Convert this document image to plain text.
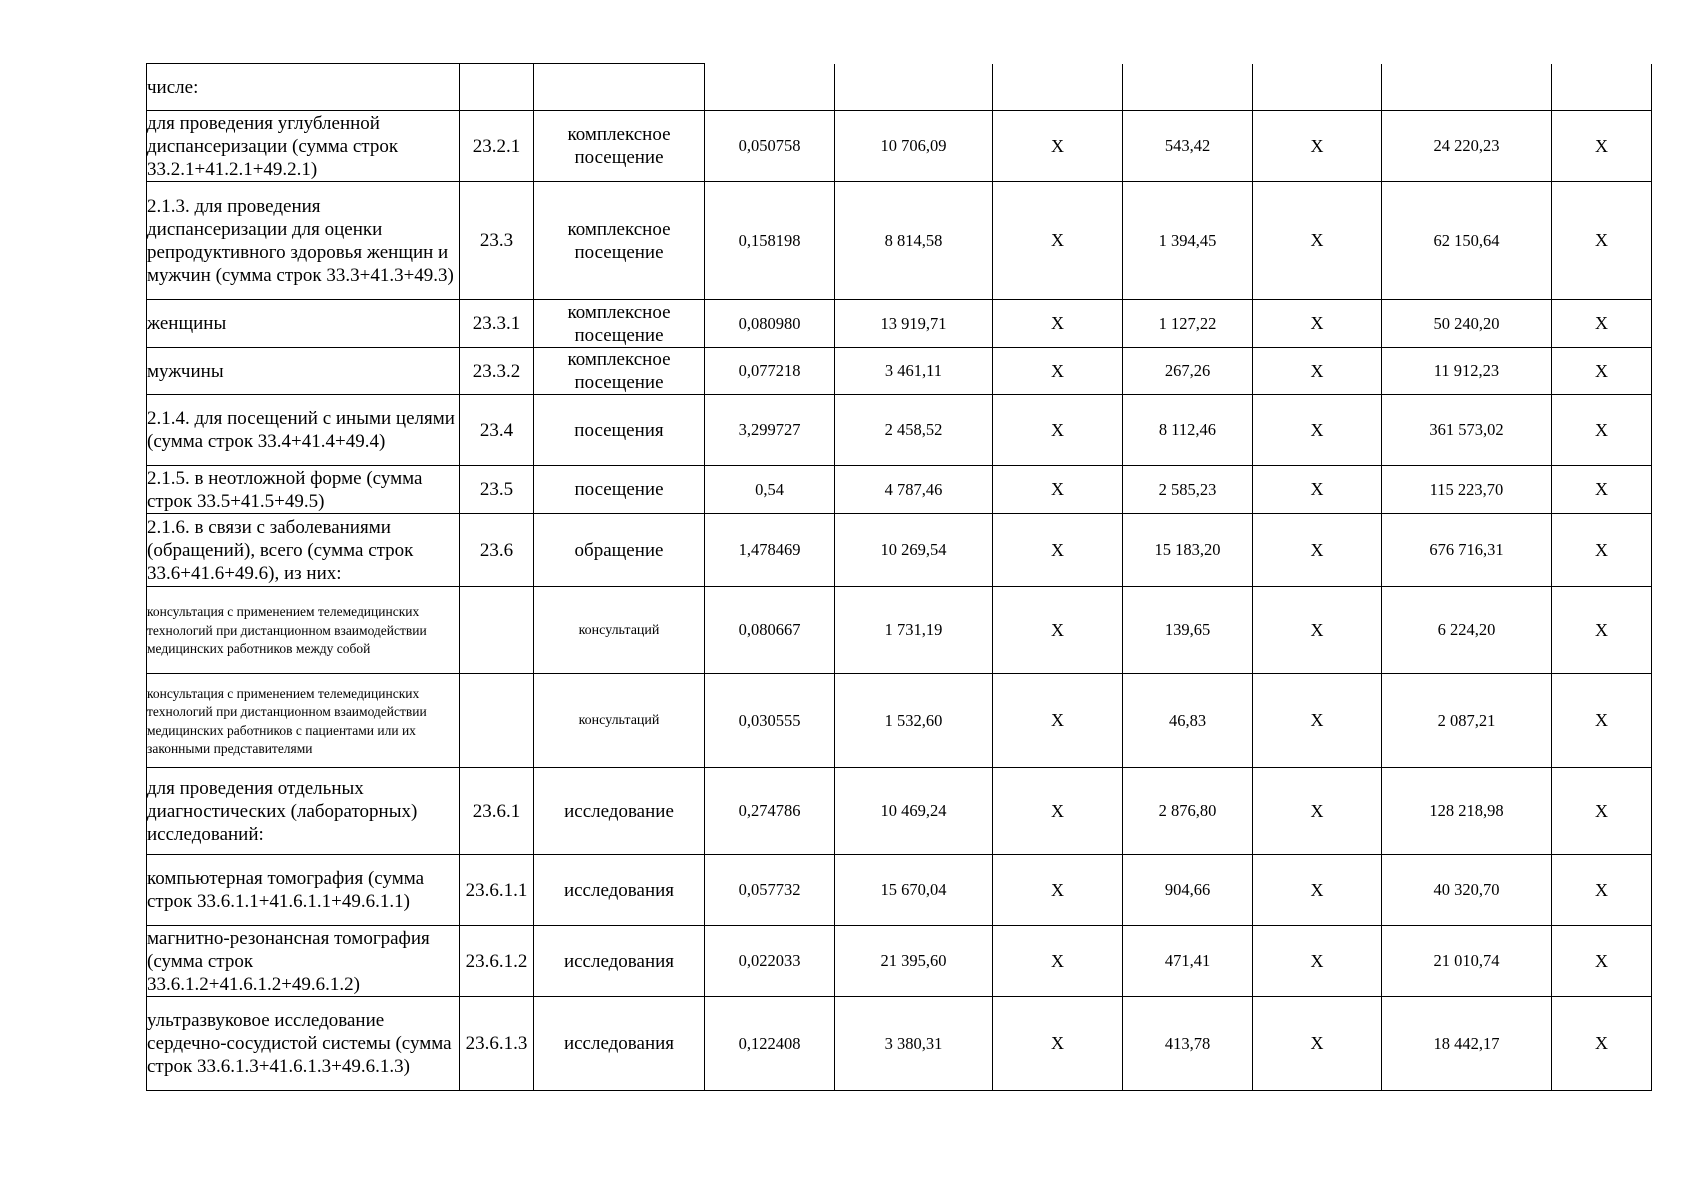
числе:									
для проведения углубленной диспансеризации (сумма строк 33.2.1+41.2.1+49.2.1)	23.2.1	комплексное посещение	0,050758	10 706,09	Х	543,42	Х	24 220,23	Х
2.1.3. для проведения диспансеризации для оценки репродуктивного здоровья женщин и мужчин (сумма строк 33.3+41.3+49.3)	23.3	комплексное посещение	0,158198	8 814,58	Х	1 394,45	Х	62 150,64	Х
женщины	23.3.1	комплексное посещение	0,080980	13 919,71	Х	1 127,22	Х	50 240,20	Х
мужчины	23.3.2	комплексное посещение	0,077218	3 461,11	Х	267,26	Х	11 912,23	Х
2.1.4. для посещений с иными целями (сумма строк 33.4+41.4+49.4)	23.4	посещения	3,299727	2 458,52	Х	8 112,46	Х	361 573,02	Х
2.1.5. в неотложной форме (сумма строк 33.5+41.5+49.5)	23.5	посещение	0,54	4 787,46	Х	2 585,23	Х	115 223,70	Х
2.1.6. в связи с заболеваниями (обращений), всего (сумма строк 33.6+41.6+49.6), из них:	23.6	обращение	1,478469	10 269,54	Х	15 183,20	Х	676 716,31	Х
консультация с применением телемедицинских технологий при дистанционном взаимодействии медицинских работников между собой		консультаций	0,080667	1 731,19	Х	139,65	Х	6 224,20	Х
консультация с применением телемедицинских технологий при дистанционном взаимодействии медицинских работников с пациентами или их законными представителями		консультаций	0,030555	1 532,60	Х	46,83	Х	2 087,21	Х
для проведения отдельных диагностических (лабораторных) исследований:	23.6.1	исследование	0,274786	10 469,24	Х	2 876,80	Х	128 218,98	Х
компьютерная томография (сумма строк 33.6.1.1+41.6.1.1+49.6.1.1)	23.6.1.1	исследования	0,057732	15 670,04	Х	904,66	Х	40 320,70	Х
магнитно-резонансная томография (сумма строк 33.6.1.2+41.6.1.2+49.6.1.2)	23.6.1.2	исследования	0,022033	21 395,60	Х	471,41	Х	21 010,74	Х
ультразвуковое исследование сердечно-сосудистой системы (сумма строк 33.6.1.3+41.6.1.3+49.6.1.3)	23.6.1.3	исследования	0,122408	3 380,31	Х	413,78	Х	18 442,17	Х
